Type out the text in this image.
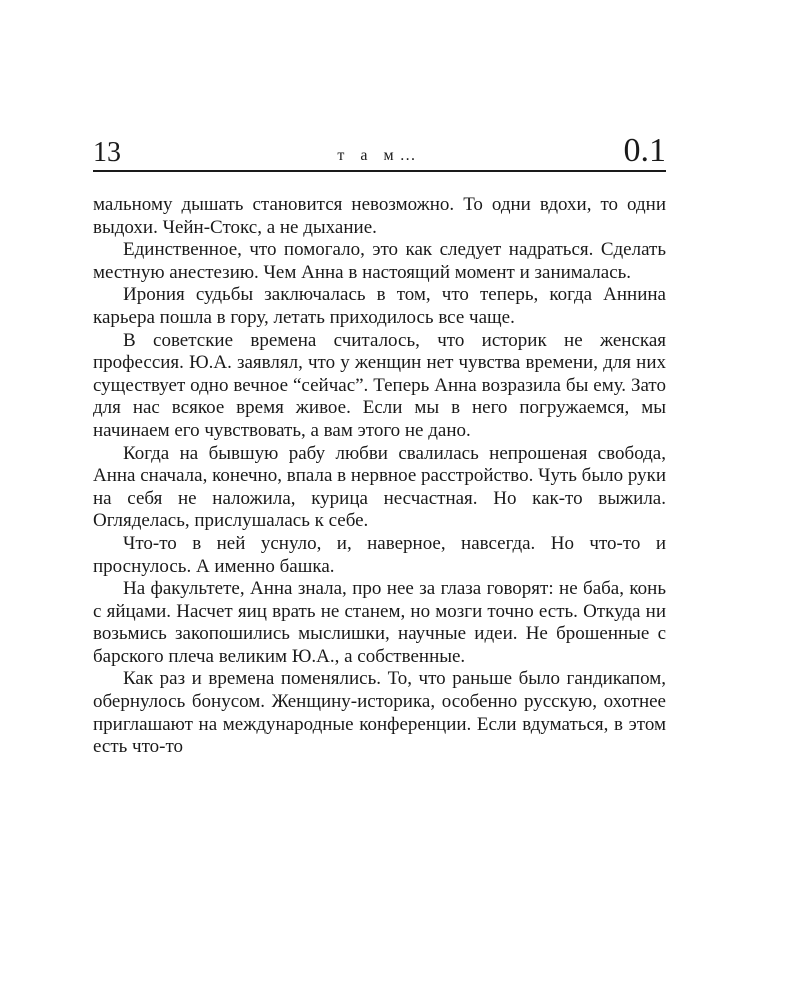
13	т а м…	0.1

мальному дышать становится невозможно. То одни вдохи, то одни выдохи. Чейн-Стокс, а не дыхание.

Единственное, что помогало, это как следует надраться. Сделать местную анестезию. Чем Анна в настоящий момент и занималась.

Ирония судьбы заключалась в том, что теперь, когда Аннина карьера пошла в гору, летать приходилось все чаще.

В советские времена считалось, что историк не женская профессия. Ю.А. заявлял, что у женщин нет чувства времени, для них существует одно вечное “сейчас”. Теперь Анна возразила бы ему. Зато для нас всякое время живое. Если мы в него погружаемся, мы начинаем его чувствовать, а вам этого не дано.

Когда на бывшую рабу любви свалилась непрошеная свобода, Анна сначала, конечно, впала в нервное расстройство. Чуть было руки на себя не наложила, курица несчастная. Но как-то выжила. Огляделась, прислушалась к себе.

Что-то в ней уснуло, и, наверное, навсегда. Но что-то и проснулось. А именно башка.

На факультете, Анна знала, про нее за глаза говорят: не баба, конь с яйцами. Насчет яиц врать не станем, но мозги точно есть. Откуда ни возьмись закопошились мыслишки, научные идеи. Не брошенные с барского плеча великим Ю.А., а собственные.

Как раз и времена поменялись. То, что раньше было гандикапом, обернулось бонусом. Женщину-историка, особенно русскую, охотнее приглашают на международные конференции. Если вдуматься, в этом есть что-то
